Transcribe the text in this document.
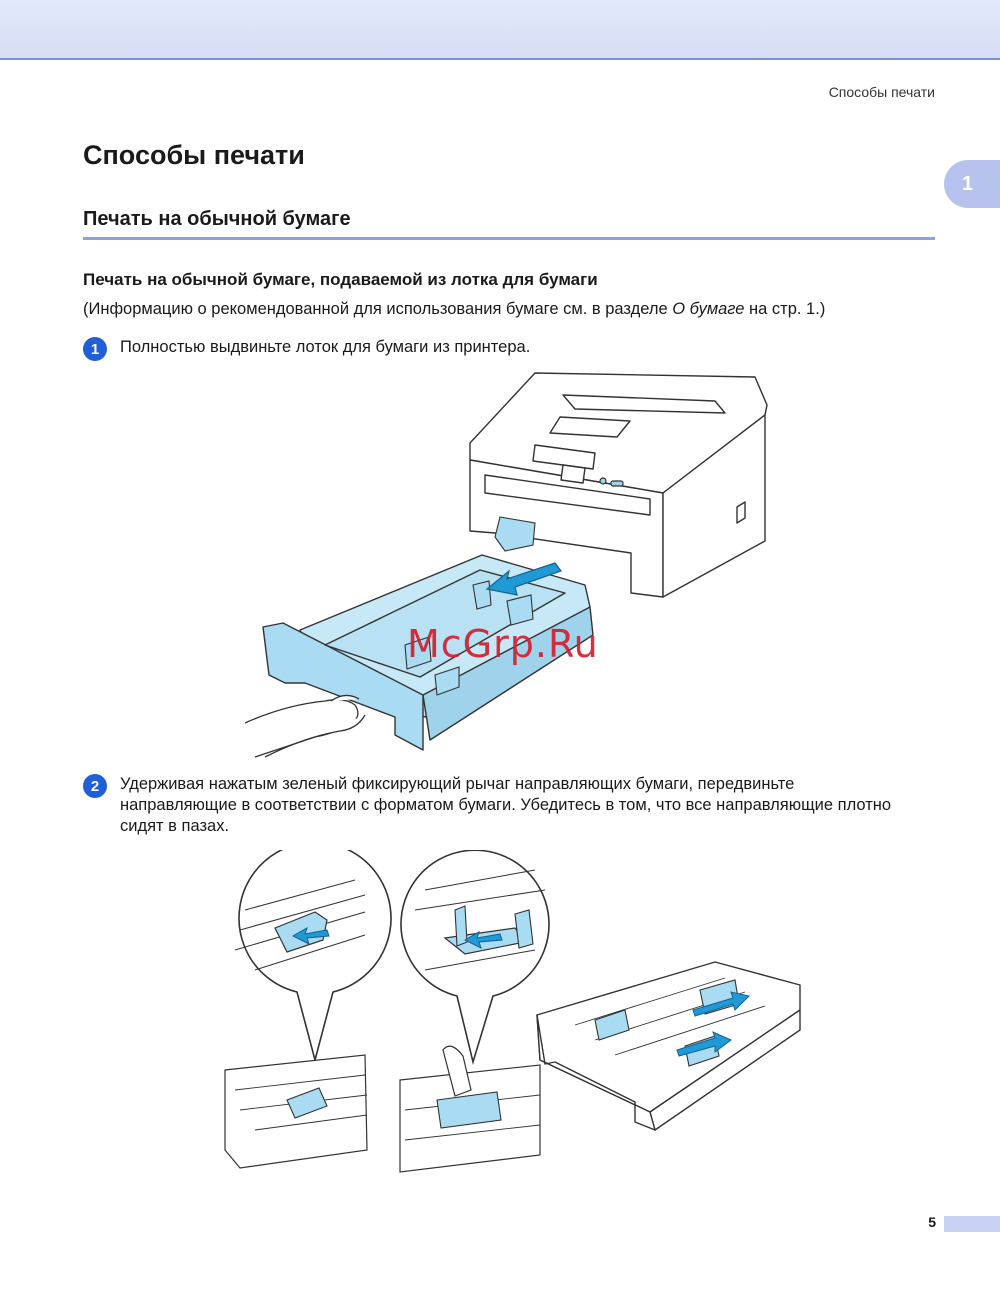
Способы печати
1
Способы печати
Печать на обычной бумаге
Печать на обычной бумаге, подаваемой из лотка для бумаги
(Информацию о рекомендованной для использования бумаге см. в разделе О бумаге на стр. 1.)
1	Полностью выдвиньте лоток для бумаги из принтера.
McGrp.Ru
2	Удерживая нажатым зеленый фиксирующий рычаг направляющих бумаги, передвиньте направляющие в соответствии с форматом бумаги. Убедитесь в том, что все направляющие плотно сидят в пазах.
5
